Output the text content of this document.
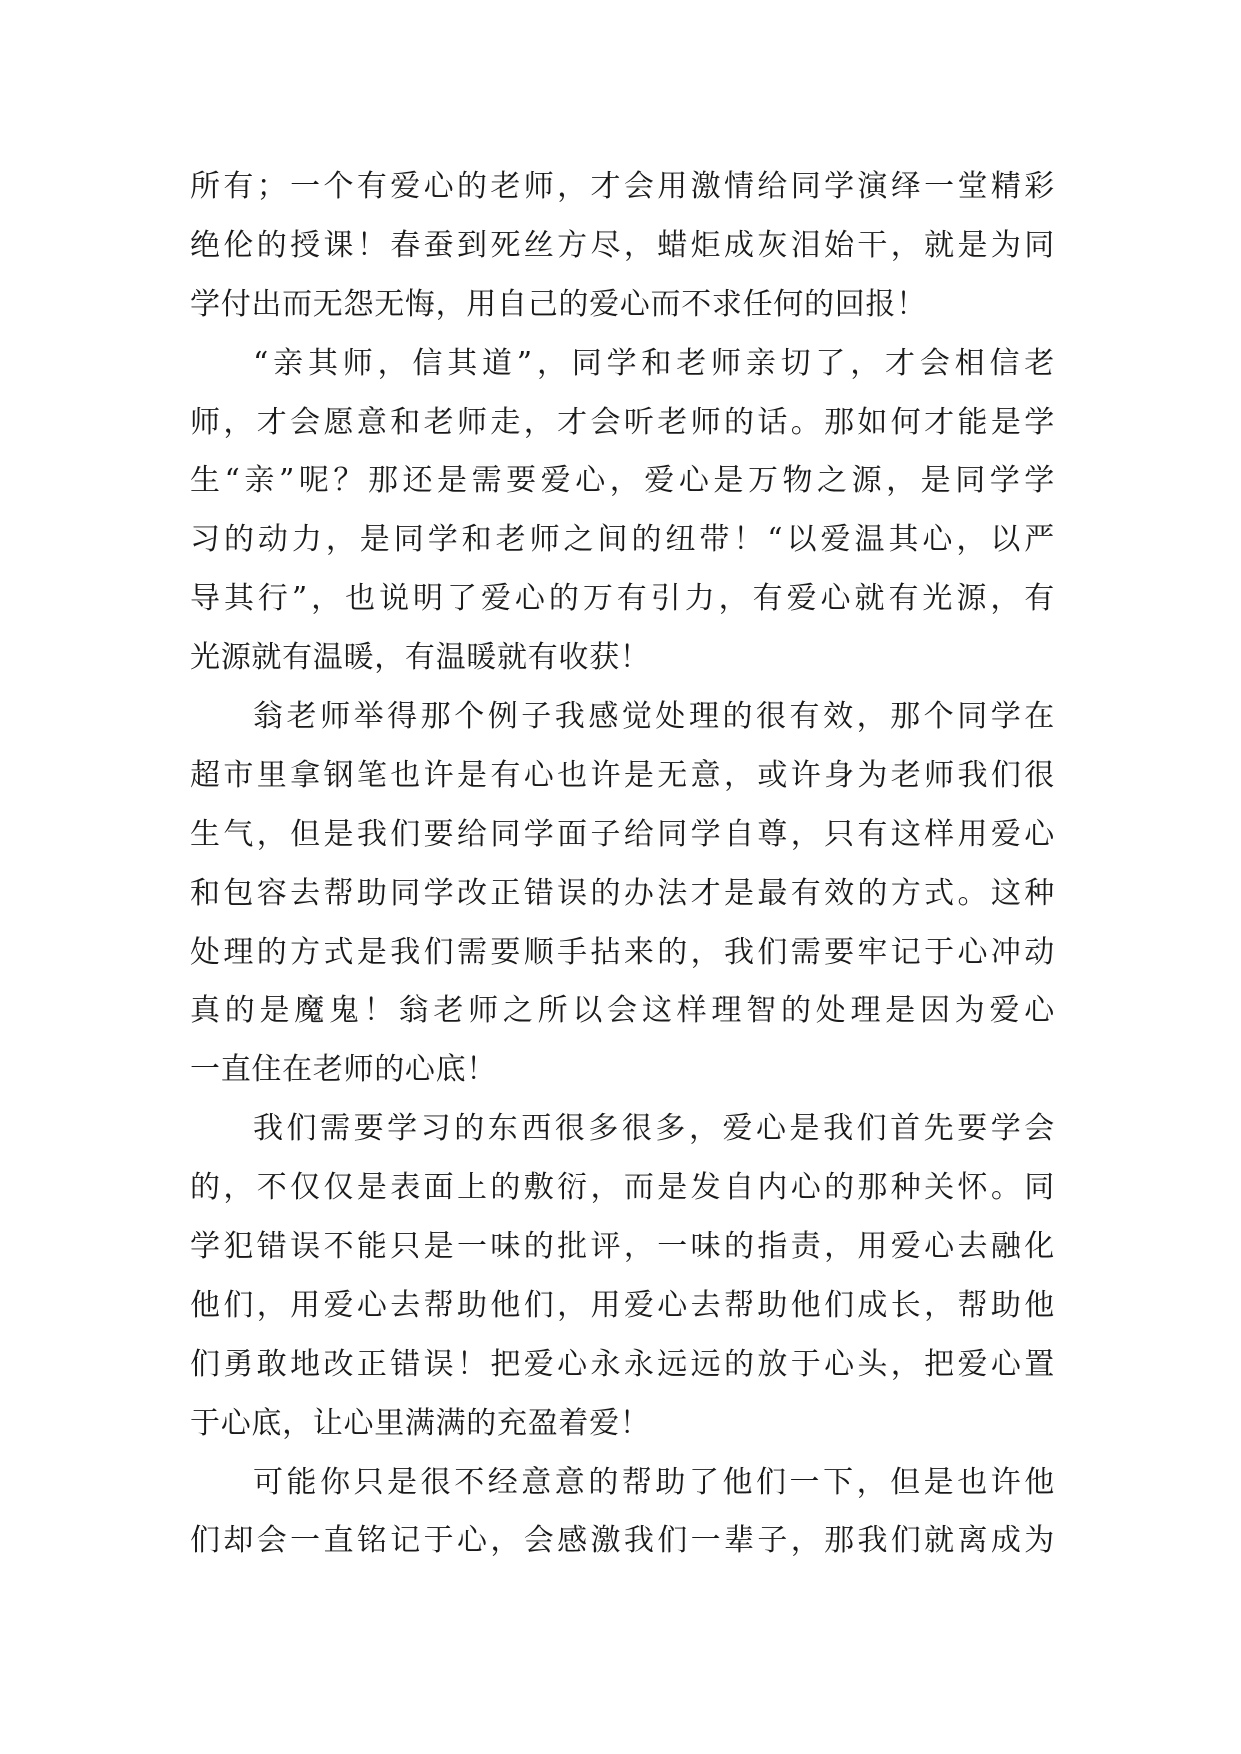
所有；一个有爱心的老师，才会用激情给同学演绎一堂精彩
绝伦的授课！春蚕到死丝方尽，蜡炬成灰泪始干，就是为同
学付出而无怨无悔，用自己的爱心而不求任何的回报！
“亲其师，信其道”，同学和老师亲切了，才会相信老
师，才会愿意和老师走，才会听老师的话。那如何才能是学
生“亲”呢？那还是需要爱心，爱心是万物之源，是同学学
习的动力，是同学和老师之间的纽带！“以爱温其心，以严
导其行”，也说明了爱心的万有引力，有爱心就有光源，有
光源就有温暖，有温暖就有收获！
翁老师举得那个例子我感觉处理的很有效，那个同学在
超市里拿钢笔也许是有心也许是无意，或许身为老师我们很
生气，但是我们要给同学面子给同学自尊，只有这样用爱心
和包容去帮助同学改正错误的办法才是最有效的方式。这种
处理的方式是我们需要顺手拈来的，我们需要牢记于心冲动
真的是魔鬼！翁老师之所以会这样理智的处理是因为爱心
一直住在老师的心底！
我们需要学习的东西很多很多，爱心是我们首先要学会
的，不仅仅是表面上的敷衍，而是发自内心的那种关怀。同
学犯错误不能只是一味的批评，一味的指责，用爱心去融化
他们，用爱心去帮助他们，用爱心去帮助他们成长，帮助他
们勇敢地改正错误！把爱心永永远远的放于心头，把爱心置
于心底，让心里满满的充盈着爱！
可能你只是很不经意意的帮助了他们一下，但是也许他
们却会一直铭记于心，会感激我们一辈子，那我们就离成为
